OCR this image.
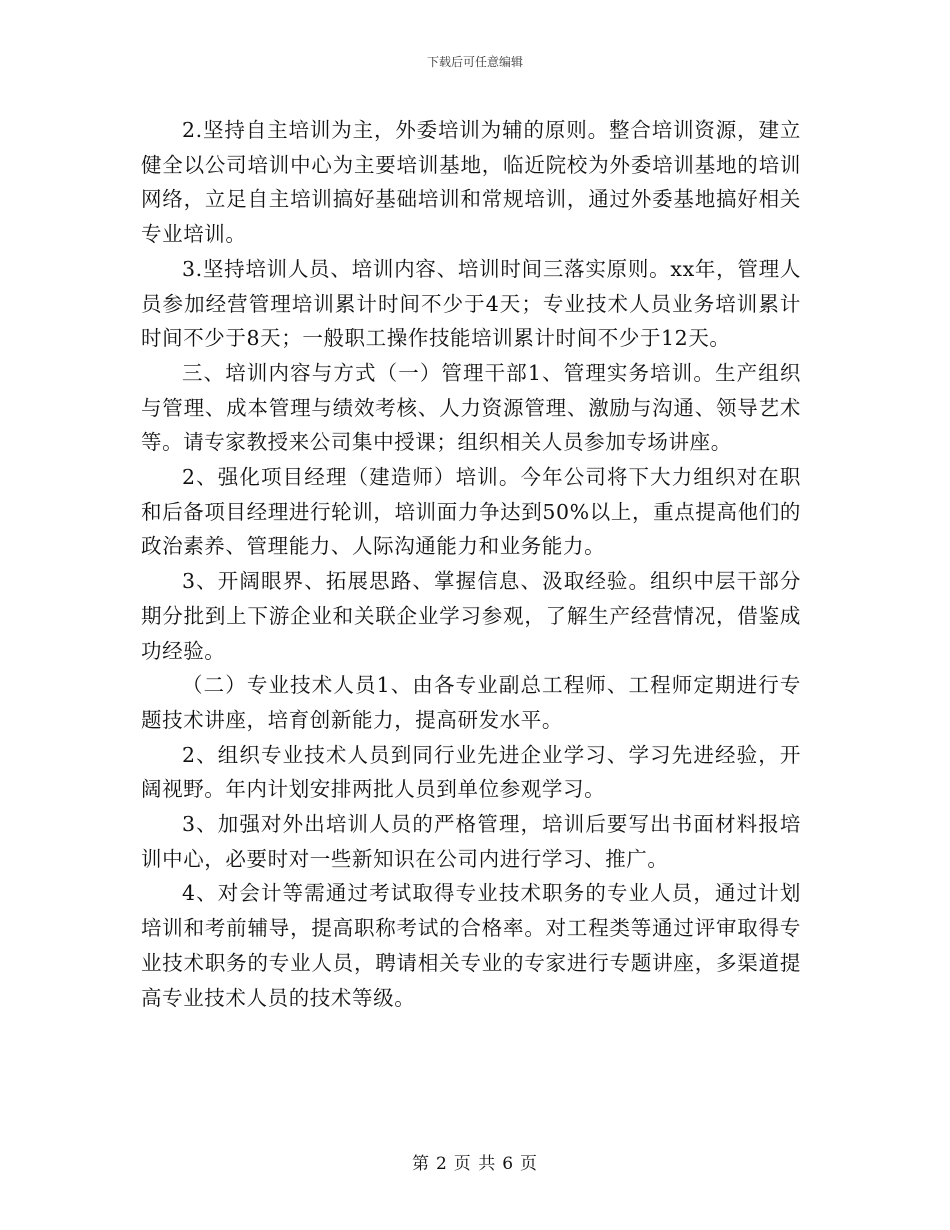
下载后可任意编辑

2.坚持自主培训为主，外委培训为辅的原则。整合培训资源，建立健全以公司培训中心为主要培训基地，临近院校为外委培训基地的培训网络，立足自主培训搞好基础培训和常规培训，通过外委基地搞好相关专业培训。

3.坚持培训人员、培训内容、培训时间三落实原则。xx年，管理人员参加经营管理培训累计时间不少于4天；专业技术人员业务培训累计时间不少于8天；一般职工操作技能培训累计时间不少于12天。

三、培训内容与方式（一）管理干部1、管理实务培训。生产组织与管理、成本管理与绩效考核、人力资源管理、激励与沟通、领导艺术等。请专家教授来公司集中授课；组织相关人员参加专场讲座。

2、强化项目经理（建造师）培训。今年公司将下大力组织对在职和后备项目经理进行轮训，培训面力争达到50%以上，重点提高他们的政治素养、管理能力、人际沟通能力和业务能力。

3、开阔眼界、拓展思路、掌握信息、汲取经验。组织中层干部分期分批到上下游企业和关联企业学习参观，了解生产经营情况，借鉴成功经验。

（二）专业技术人员1、由各专业副总工程师、工程师定期进行专题技术讲座，培育创新能力，提高研发水平。

2、组织专业技术人员到同行业先进企业学习、学习先进经验，开阔视野。年内计划安排两批人员到单位参观学习。

3、加强对外出培训人员的严格管理，培训后要写出书面材料报培训中心，必要时对一些新知识在公司内进行学习、推广。

4、对会计等需通过考试取得专业技术职务的专业人员，通过计划培训和考前辅导，提高职称考试的合格率。对工程类等通过评审取得专业技术职务的专业人员，聘请相关专业的专家进行专题讲座，多渠道提高专业技术人员的技术等级。

第 2 页 共 6 页
